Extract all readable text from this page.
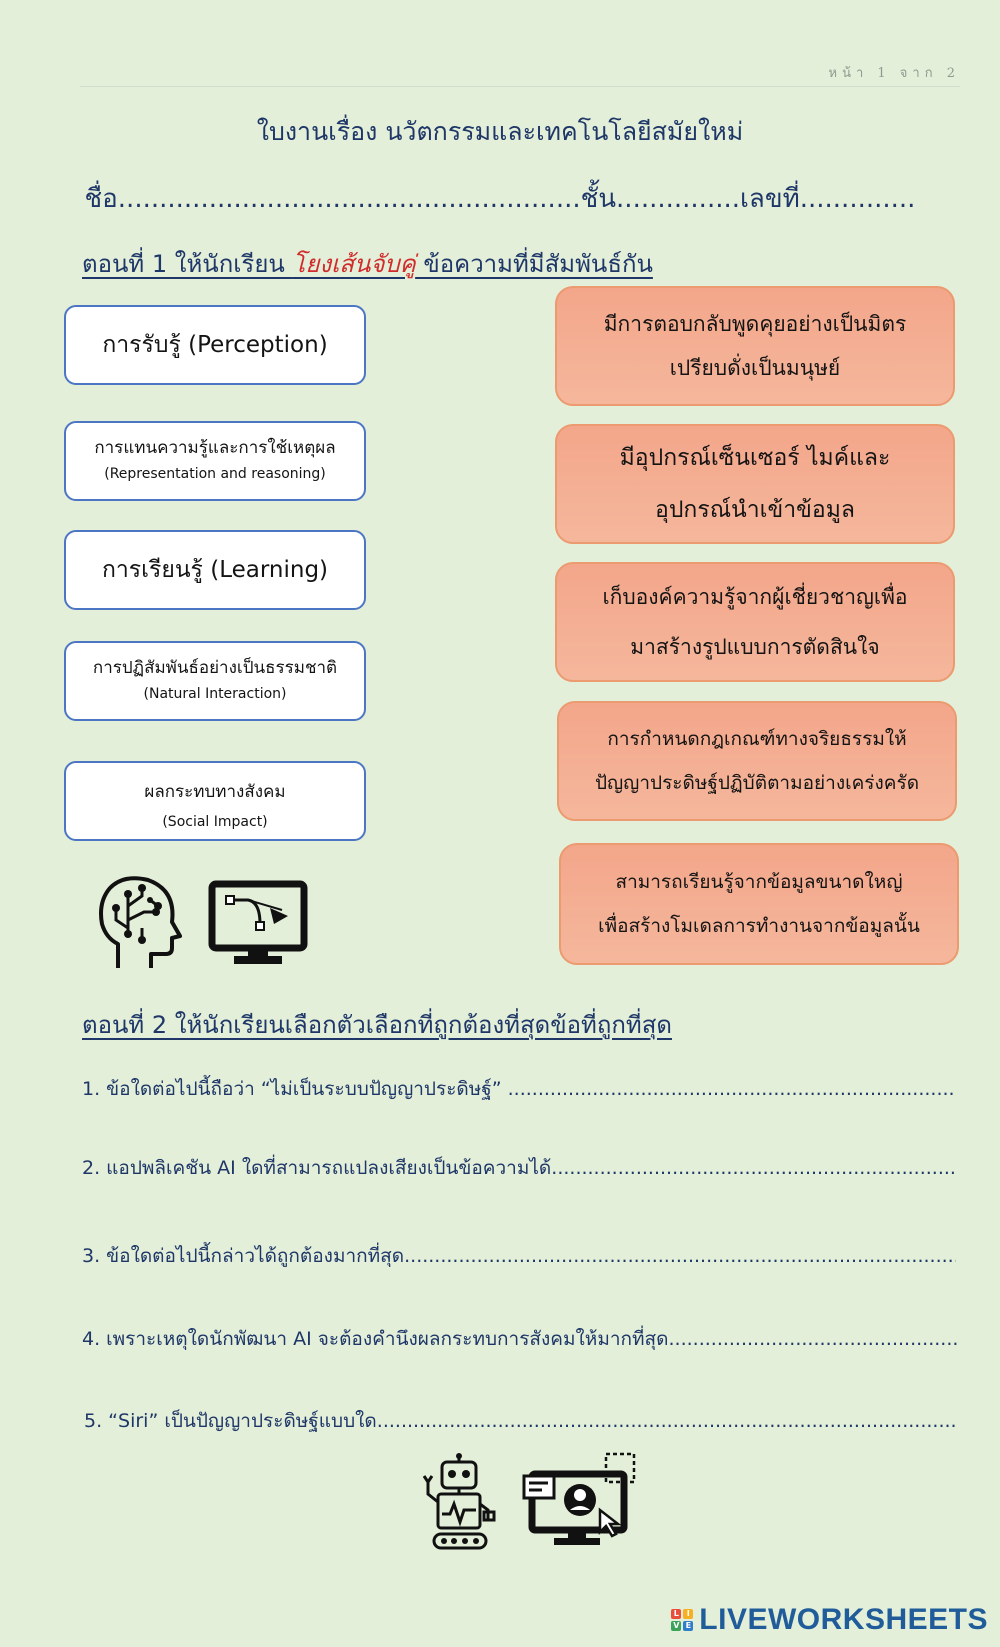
หน้า 1 จาก 2
ใบงานเรื่อง นวัตกรรมและเทคโนโลยีสมัยใหม่
ชื่อ........................................................ชั้น...............เลขที่..............
ตอนที่ 1 ให้นักเรียน โยงเส้นจับคู่ ข้อความที่มีสัมพันธ์กัน
การรับรู้ (Perception)
การแทนความรู้และการใช้เหตุผล
(Representation and reasoning)
การเรียนรู้ (Learning)
การปฏิสัมพันธ์อย่างเป็นธรรมชาติ
(Natural Interaction)
ผลกระทบทางสังคม
(Social Impact)
มีการตอบกลับพูดคุยอย่างเป็นมิตร
เปรียบดั่งเป็นมนุษย์
มีอุปกรณ์เซ็นเซอร์ ไมค์และ
อุปกรณ์นำเข้าข้อมูล
เก็บองค์ความรู้จากผู้เชี่ยวชาญเพื่อ
มาสร้างรูปแบบการตัดสินใจ
การกำหนดกฎเกณฑ์ทางจริยธรรมให้
ปัญญาประดิษฐ์ปฏิบัติตามอย่างเคร่งครัด
สามารถเรียนรู้จากข้อมูลขนาดใหญ่
เพื่อสร้างโมเดลการทำงานจากข้อมูลนั้น
ตอนที่ 2 ให้นักเรียนเลือกตัวเลือกที่ถูกต้องที่สุดข้อที่ถูกที่สุด
1. ข้อใดต่อไปนี้ถือว่า “ไม่เป็นระบบปัญญาประดิษฐ์” .....
2. แอปพลิเคชัน AI ใดที่สามารถแปลงเสียงเป็นข้อความได้ .....
3. ข้อใดต่อไปนี้กล่าวได้ถูกต้องมากที่สุด .....
4. เพราะเหตุใดนักพัฒนา AI จะต้องคำนึงผลกระทบการสังคมให้มากที่สุด .....
5. “Siri” เป็นปัญญาประดิษฐ์แบบใด .....
L I
V E LIVEWORKSHEETS
